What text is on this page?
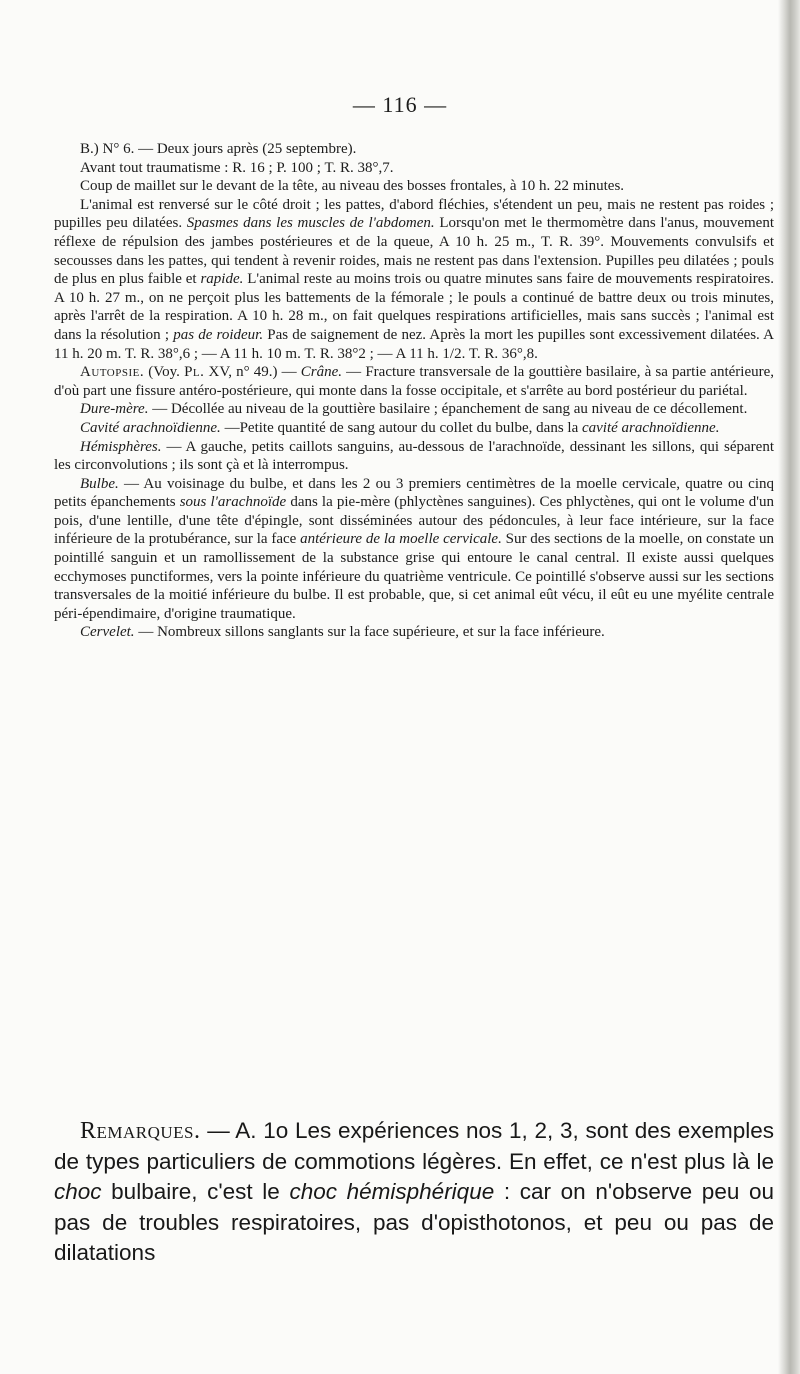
— 116 —

B.) N° 6. — Deux jours après (25 septembre).

Avant tout traumatisme : R. 16 ; P. 100 ; T. R. 38°,7.

Coup de maillet sur le devant de la tête, au niveau des bosses frontales, à 10 h. 22 minutes.

L'animal est renversé sur le côté droit ; les pattes, d'abord fléchies, s'étendent un peu, mais ne restent pas roides ; pupilles peu dilatées. Spasmes dans les muscles de l'abdomen. Lorsqu'on met le thermomètre dans l'anus, mouvement réflexe de répulsion des jambes postérieures et de la queue, A 10 h. 25 m., T. R. 39°. Mouvements convulsifs et secousses dans les pattes, qui tendent à revenir roides, mais ne restent pas dans l'extension. Pupilles peu dilatées ; pouls de plus en plus faible et rapide. L'animal reste au moins trois ou quatre minutes sans faire de mouvements respiratoires. A 10 h. 27 m., on ne perçoit plus les battements de la fémorale ; le pouls a continué de battre deux ou trois minutes, après l'arrêt de la respiration. A 10 h. 28 m., on fait quelques respirations artificielles, mais sans succès ; l'animal est dans la résolution ; pas de roideur. Pas de saignement de nez. Après la mort les pupilles sont excessivement dilatées. A 11 h. 20 m. T. R. 38°,6 ; — A 11 h. 10 m. T. R. 38°2 ; — A 11 h. 1/2. T. R. 36°,8.

Autopsie. (Voy. Pl. XV, n° 49.) — Crâne. — Fracture transversale de la gouttière basilaire, à sa partie antérieure, d'où part une fissure antéro-postérieure, qui monte dans la fosse occipitale, et s'arrête au bord postérieur du pariétal.

Dure-mère. — Décollée au niveau de la gouttière basilaire ; épanchement de sang au niveau de ce décollement.

Cavité arachnoïdienne. —Petite quantité de sang autour du collet du bulbe, dans la cavité arachnoïdienne.

Hémisphères. — A gauche, petits caillots sanguins, au-dessous de l'arachnoïde, dessinant les sillons, qui séparent les circonvolutions ; ils sont çà et là interrompus.

Bulbe. — Au voisinage du bulbe, et dans les 2 ou 3 premiers centimètres de la moelle cervicale, quatre ou cinq petits épanchements sous l'arachnoïde dans la pie-mère (phlyctènes sanguines). Ces phlyctènes, qui ont le volume d'un pois, d'une lentille, d'une tête d'épingle, sont disséminées autour des pédoncules, à leur face intérieure, sur la face inférieure de la protubérance, sur la face antérieure de la moelle cervicale. Sur des sections de la moelle, on constate un pointillé sanguin et un ramollissement de la substance grise qui entoure le canal central. Il existe aussi quelques ecchymoses punctiformes, vers la pointe inférieure du quatrième ventricule. Ce pointillé s'observe aussi sur les sections transversales de la moitié inférieure du bulbe. Il est probable, que, si cet animal eût vécu, il eût eu une myélite centrale péri-épendimaire, d'origine traumatique.

Cervelet. — Nombreux sillons sanglants sur la face supérieure, et sur la face inférieure.

Remarques. — A. 1o Les expériences nos 1, 2, 3, sont des exemples de types particuliers de commotions légères. En effet, ce n'est plus là le choc bulbaire, c'est le choc hémisphérique : car on n'observe peu ou pas de troubles respiratoires, pas d'opisthotonos, et peu ou pas de dilatations
